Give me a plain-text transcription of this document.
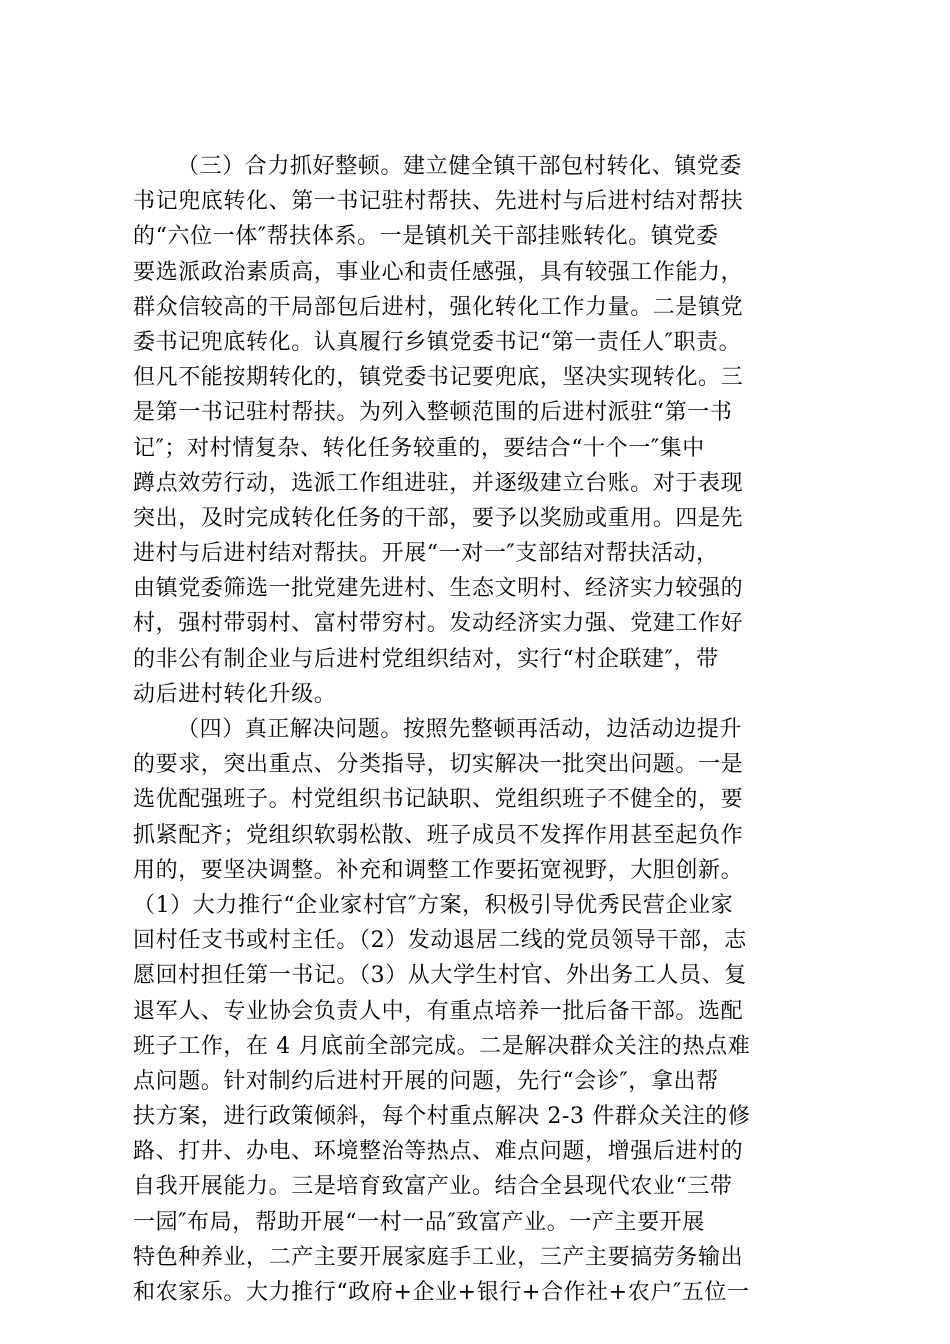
（三）合力抓好整顿。建立健全镇干部包村转化、镇党委
书记兜底转化、第一书记驻村帮扶、先进村与后进村结对帮扶
的“六位一体″帮扶体系。一是镇机关干部挂账转化。镇党委
要选派政治素质高，事业心和责任感强，具有较强工作能力，
群众信较高的干局部包后进村，强化转化工作力量。二是镇党
委书记兜底转化。认真履行乡镇党委书记“第一责任人″职责。
但凡不能按期转化的，镇党委书记要兜底，坚决实现转化。三
是第一书记驻村帮扶。为列入整顿范围的后进村派驻“第一书
记″；对村情复杂、转化任务较重的，要结合“十个一″集中
蹲点效劳行动，选派工作组进驻，并逐级建立台账。对于表现
突出，及时完成转化任务的干部，要予以奖励或重用。四是先
进村与后进村结对帮扶。开展“一对一″支部结对帮扶活动，
由镇党委筛选一批党建先进村、生态文明村、经济实力较强的
村，强村带弱村、富村带穷村。发动经济实力强、党建工作好
的非公有制企业与后进村党组织结对，实行“村企联建″，带
动后进村转化升级。
（四）真正解决问题。按照先整顿再活动，边活动边提升
的要求，突出重点、分类指导，切实解决一批突出问题。一是
选优配强班子。村党组织书记缺职、党组织班子不健全的，要
抓紧配齐；党组织软弱松散、班子成员不发挥作用甚至起负作
用的，要坚决调整。补充和调整工作要拓宽视野，大胆创新。
（1）大力推行“企业家村官″方案，积极引导优秀民营企业家
回村任支书或村主任。（2）发动退居二线的党员领导干部，志
愿回村担任第一书记。（3）从大学生村官、外出务工人员、复
退军人、专业协会负责人中，有重点培养一批后备干部。选配
班子工作，在 4 月底前全部完成。二是解决群众关注的热点难
点问题。针对制约后进村开展的问题，先行“会诊″，拿出帮
扶方案，进行政策倾斜，每个村重点解决 2-3 件群众关注的修
路、打井、办电、环境整治等热点、难点问题，增强后进村的
自我开展能力。三是培育致富产业。结合全县现代农业“三带
一园″布局，帮助开展“一村一品″致富产业。一产主要开展
特色种养业，二产主要开展家庭手工业，三产主要搞劳务输出
和农家乐。大力推行“政府+企业+银行+合作社+农户″五位一
